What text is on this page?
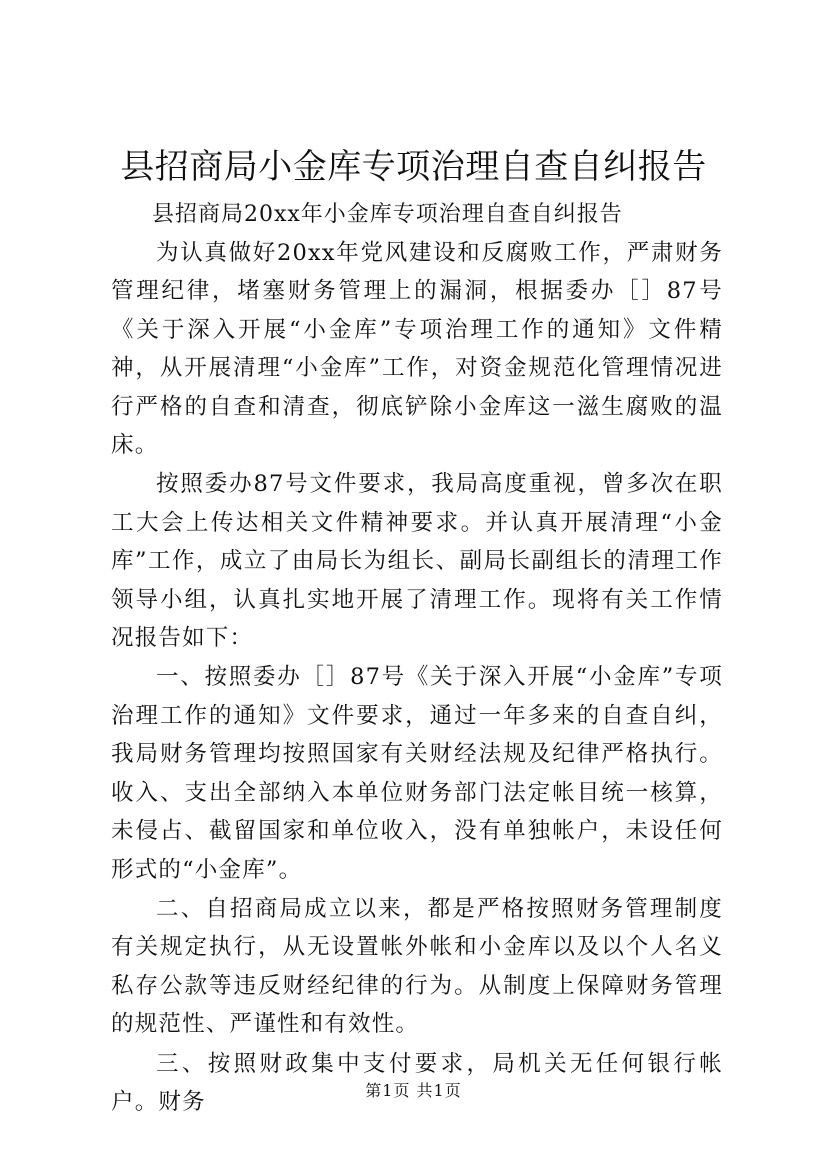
县招商局小金库专项治理自查自纠报告

县招商局20xx年小金库专项治理自查自纠报告

为认真做好20xx年党风建设和反腐败工作，严肃财务管理纪律，堵塞财务管理上的漏洞，根据委办［］87号《关于深入开展“小金库”专项治理工作的通知》文件精神，从开展清理“小金库”工作，对资金规范化管理情况进行严格的自查和清查，彻底铲除小金库这一滋生腐败的温床。

按照委办87号文件要求，我局高度重视，曾多次在职工大会上传达相关文件精神要求。并认真开展清理“小金库”工作，成立了由局长为组长、副局长副组长的清理工作领导小组，认真扎实地开展了清理工作。现将有关工作情况报告如下：

一、按照委办［］87号《关于深入开展“小金库”专项治理工作的通知》文件要求，通过一年多来的自查自纠，我局财务管理均按照国家有关财经法规及纪律严格执行。收入、支出全部纳入本单位财务部门法定帐目统一核算，未侵占、截留国家和单位收入，没有单独帐户，未设任何形式的“小金库”。

二、自招商局成立以来，都是严格按照财务管理制度有关规定执行，从无设置帐外帐和小金库以及以个人名义私存公款等违反财经纪律的行为。从制度上保障财务管理的规范性、严谨性和有效性。

三、按照财政集中支付要求，局机关无任何银行帐户。财务	第1页 共1页
